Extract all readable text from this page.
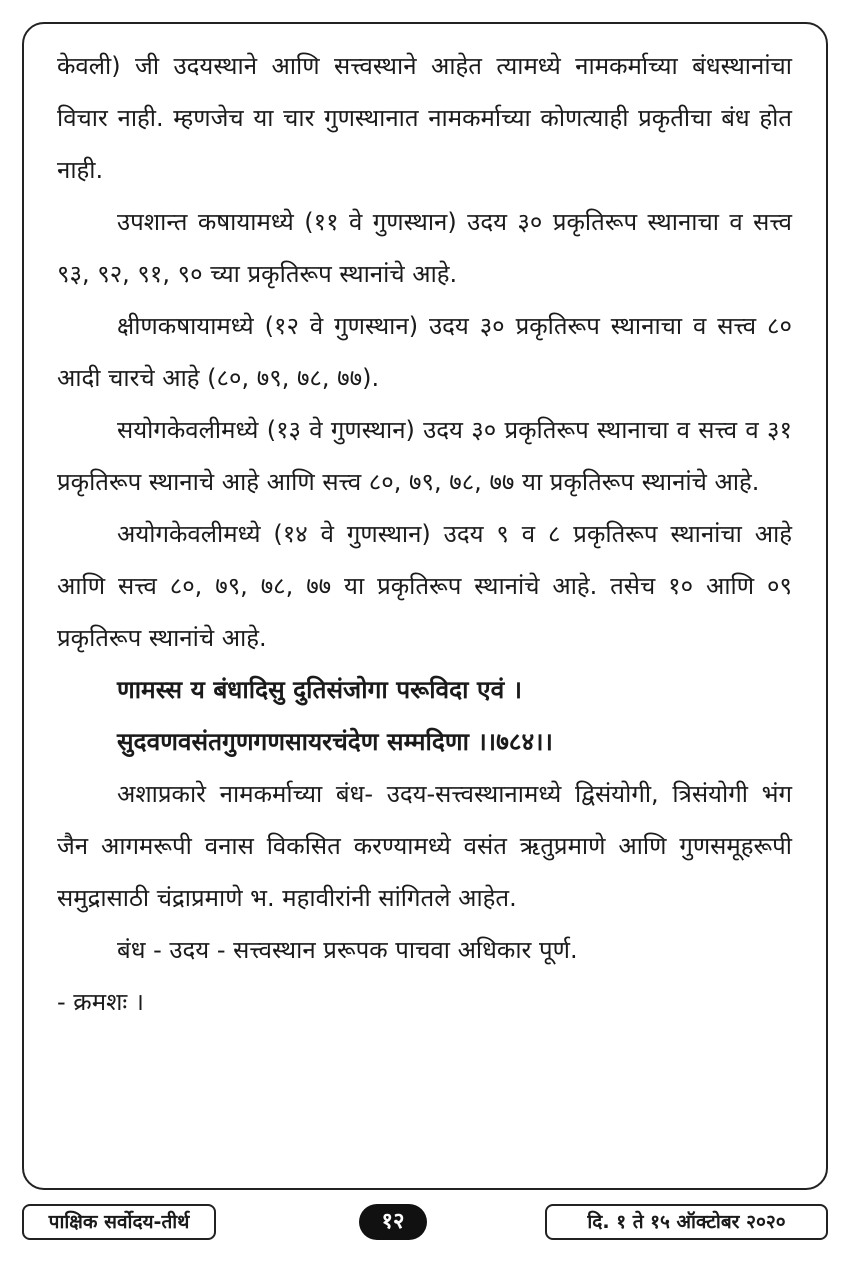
केवली) जी उदयस्थाने आणि सत्त्वस्थाने आहेत त्यामध्ये नामकर्माच्या बंधस्थानांचा विचार नाही. म्हणजेच या चार गुणस्थानात नामकर्माच्या कोणत्याही प्रकृतीचा बंध होत नाही.

उपशान्त कषायामध्ये (११ वे गुणस्थान) उदय ३० प्रकृतिरूप स्थानाचा व सत्त्व ९३, ९२, ९१, ९० च्या प्रकृतिरूप स्थानांचे आहे.

क्षीणकषायामध्ये (१२ वे गुणस्थान) उदय ३० प्रकृतिरूप स्थानाचा व सत्त्व ८० आदी चारचे आहे (८०, ७९, ७८, ७७).

सयोगकेवलीमध्ये (१३ वे गुणस्थान) उदय ३० प्रकृतिरूप स्थानाचा व सत्त्व व ३१ प्रकृतिरूप स्थानाचे आहे आणि सत्त्व ८०, ७९, ७८, ७७ या प्रकृतिरूप स्थानांचे आहे.

अयोगकेवलीमध्ये (१४ वे गुणस्थान) उदय ९ व ८ प्रकृतिरूप स्थानांचा आहे आणि सत्त्व ८०, ७९, ७८, ७७ या प्रकृतिरूप स्थानांचे आहे. तसेच १० आणि ०९ प्रकृतिरूप स्थानांचे आहे.

णामस्स य बंधादिसु दुतिसंजोगा परूविदा एवं ।

सुदवणवसंतगुणगणसायरचंदेण सम्मदिणा ।।७८४।।

अशाप्रकारे नामकर्माच्या बंध- उदय-सत्त्वस्थानामध्ये द्विसंयोगी, त्रिसंयोगी भंग जैन आगमरूपी वनास विकसित करण्यामध्ये वसंत ऋतुप्रमाणे आणि गुणसमूहरूपी समुद्रासाठी चंद्राप्रमाणे भ. महावीरांनी सांगितले आहेत.

बंध - उदय - सत्त्वस्थान प्ररूपक पाचवा अधिकार पूर्ण.

- क्रमशः ।

पाक्षिक सर्वोदय-तीर्थ	१२	दि. १ ते १५ ऑक्टोबर २०२०
